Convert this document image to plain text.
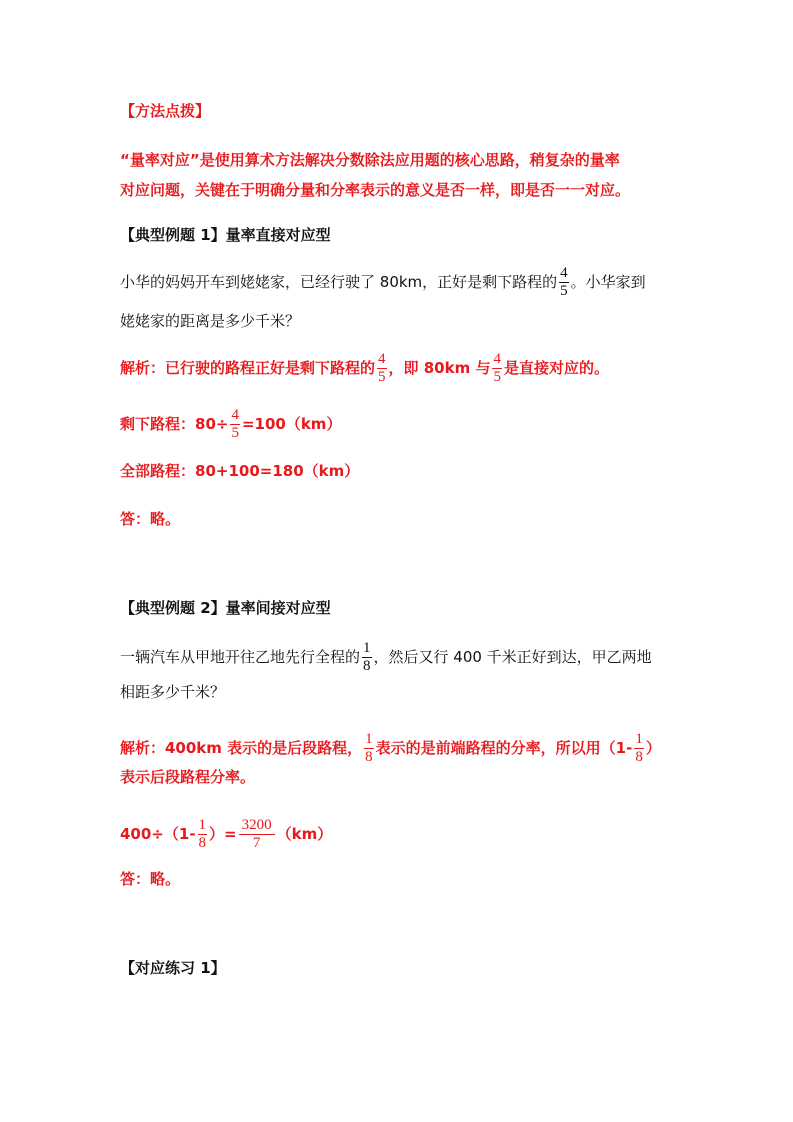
【方法点拨】
“量率对应”是使用算术方法解决分数除法应用题的核心思路，稍复杂的量率
对应问题，关键在于明确分量和分率表示的意义是否一样，即是否一一对应。
【典型例题 1】量率直接对应型
小华的妈妈开车到姥姥家，已经行驶了 80km，正好是剩下路程的 $\frac{4}{5}$ 。小华家到
姥姥家的距离是多少千米？
解析：已行驶的路程正好是剩下路程的 $\frac{4}{5}$ ，即 80km 与 $\frac{4}{5}$ 是直接对应的。
剩下路程：$80\div \frac{4}{5} =100(km)$
全部路程：80+100=180（km）
答：略。
【典型例题 2】量率间接对应型
一辆汽车从甲地开往乙地先行全程的 $\frac{1}{8}$ ，然后又行 400 千米正好到达，甲乙两地
相距多少千米？
解析：400km 表示的是后段路程， $\frac{1}{8}$ 表示的是前端路程的分率，所以用（$1- \frac{1}{8}$ ）
表示后段路程分率。
$400\div(1- \frac{1}{8}$ ）= $\frac{3200}{7} (km)$
答：略。
【对应练习 1】
